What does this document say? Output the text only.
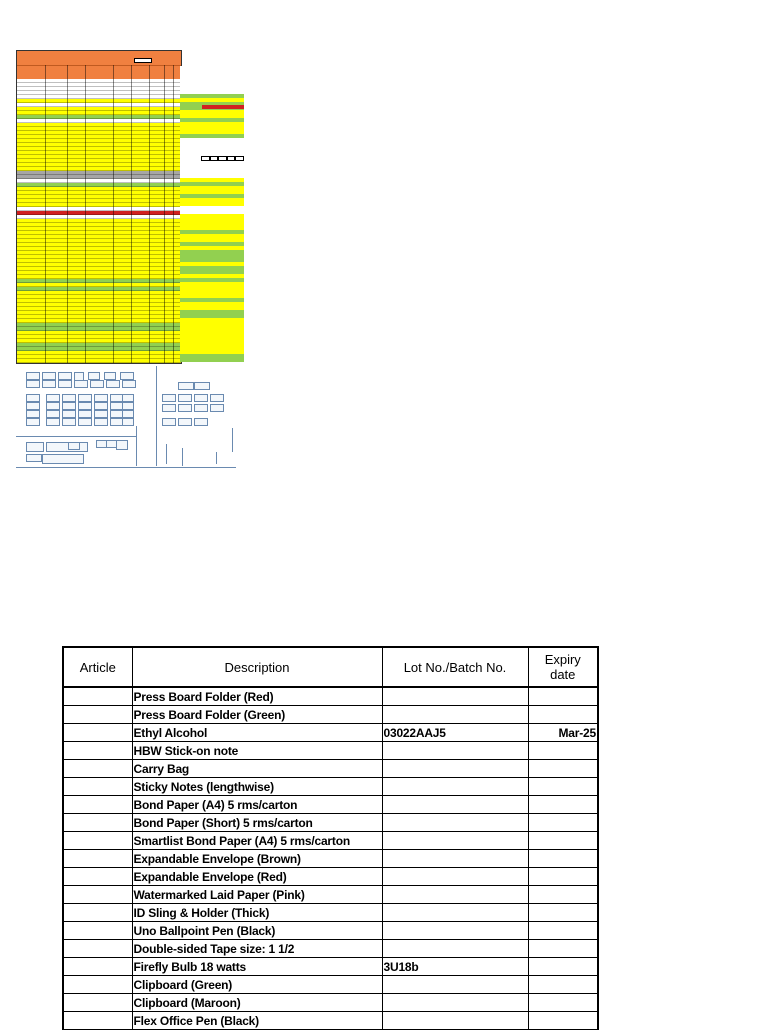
Article	Description	Lot No./Batch No.	Expiry date
	Press Board Folder (Red)		
	Press Board Folder (Green)		
	Ethyl Alcohol	03022AAJ5	Mar-25
	HBW Stick-on note		
	Carry Bag		
	Sticky Notes (lengthwise)		
	Bond Paper (A4) 5 rms/carton		
	Bond Paper (Short) 5 rms/carton		
	Smartlist Bond Paper (A4) 5 rms/carton		
	Expandable Envelope (Brown)		
	Expandable Envelope (Red)		
	Watermarked Laid Paper (Pink)		
	ID Sling & Holder (Thick)		
	Uno Ballpoint Pen (Black)		
	Double-sided Tape size: 1 1/2		
	Firefly Bulb 18 watts	3U18b	
	Clipboard (Green)		
	Clipboard (Maroon)		
	Flex Office Pen (Black)		
